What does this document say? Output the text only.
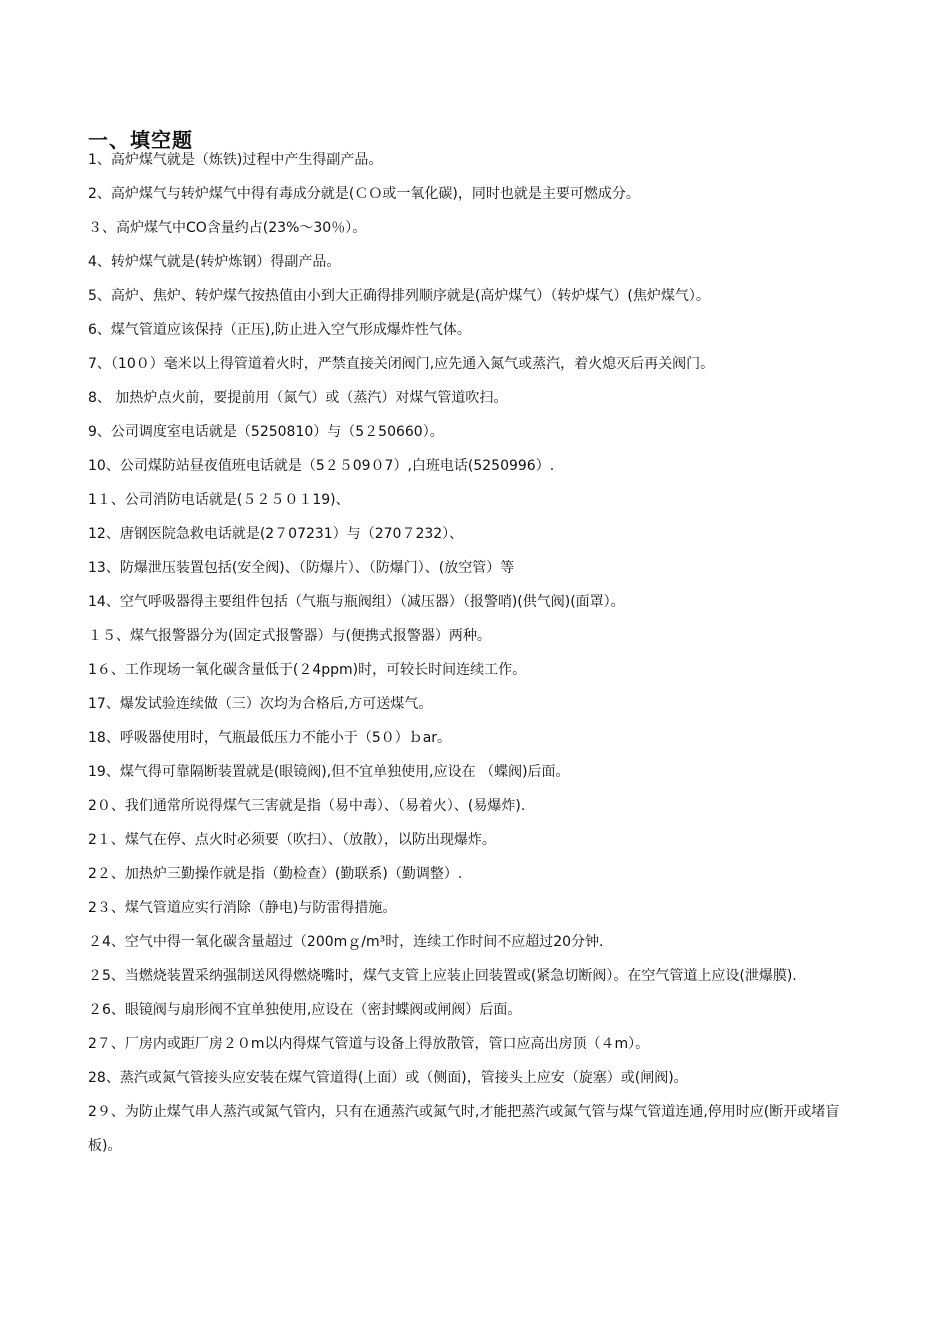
一、填空题
1、高炉煤气就是（炼铁)过程中产生得副产品。
2、高炉煤气与转炉煤气中得有毒成分就是(ＣＯ或一氧化碳)，同时也就是主要可燃成分。
３、高炉煤气中CO含量约占(23%～30％）。
4、转炉煤气就是(转炉炼钢）得副产品。
5、高炉、焦炉、转炉煤气按热值由小到大正确得排列顺序就是(高炉煤气）（转炉煤气）(焦炉煤气）。
6、煤气管道应该保持（正压),防止进入空气形成爆炸性气体。
7、（10０）毫米以上得管道着火时，严禁直接关闭阀门,应先通入氮气或蒸汽，着火熄灭后再关阀门。
8、 加热炉点火前，要提前用（氮气）或（蒸汽）对煤气管道吹扫。
9、公司调度室电话就是（5250810）与（5２50660）。
10、公司煤防站昼夜值班电话就是（5２５09０7）,白班电话(5250996）.
1１、公司消防电话就是(５２５０１19)、
12、唐钢医院急救电话就是(2７07231）与（270７232）、
13、防爆泄压装置包括(安全阀)、（防爆片）、（防爆门）、(放空管）等
14、空气呼吸器得主要组件包括（气瓶与瓶阀组）（减压器）（报警哨)(供气阀)(面罩）。
１５、煤气报警器分为(固定式报警器）与(便携式报警器）两种。
1６、工作现场一氧化碳含量低于(２4ppm)时，可较长时间连续工作。
17、爆发试验连续做（三）次均为合格后,方可送煤气。
18、呼吸器使用时，气瓶最低压力不能小于（5０）ｂar。
19、煤气得可靠隔断装置就是(眼镜阀),但不宜单独使用,应设在 （蝶阀)后面。
2０、我们通常所说得煤气三害就是指（易中毒）、（易着火）、(易爆炸).
2１、煤气在停、点火时必须要（吹扫）、（放散），以防出现爆炸。
2２、加热炉三勤操作就是指（勤检查）(勤联系)（勤调整）.
2３、煤气管道应实行消除（静电)与防雷得措施。
２4、空气中得一氧化碳含量超过（200mｇ/m³时，连续工作时间不应超过20分钟.
２5、当燃烧装置采纳强制送风得燃烧嘴时，煤气支管上应装止回装置或(紧急切断阀）。在空气管道上应设(泄爆膜).
２6、眼镜阀与扇形阀不宜单独使用,应设在（密封蝶阀或闸阀）后面。
2７、厂房内或距厂房２０m以内得煤气管道与设备上得放散管，管口应高出房顶（４m）。
28、蒸汽或氮气管接头应安装在煤气管道得(上面）或（侧面)，管接头上应安（旋塞）或(闸阀)。
2９、为防止煤气串人蒸汽或氮气管内，只有在通蒸汽或氮气时,才能把蒸汽或氮气管与煤气管道连通,停用时应(断开或堵盲板)。
